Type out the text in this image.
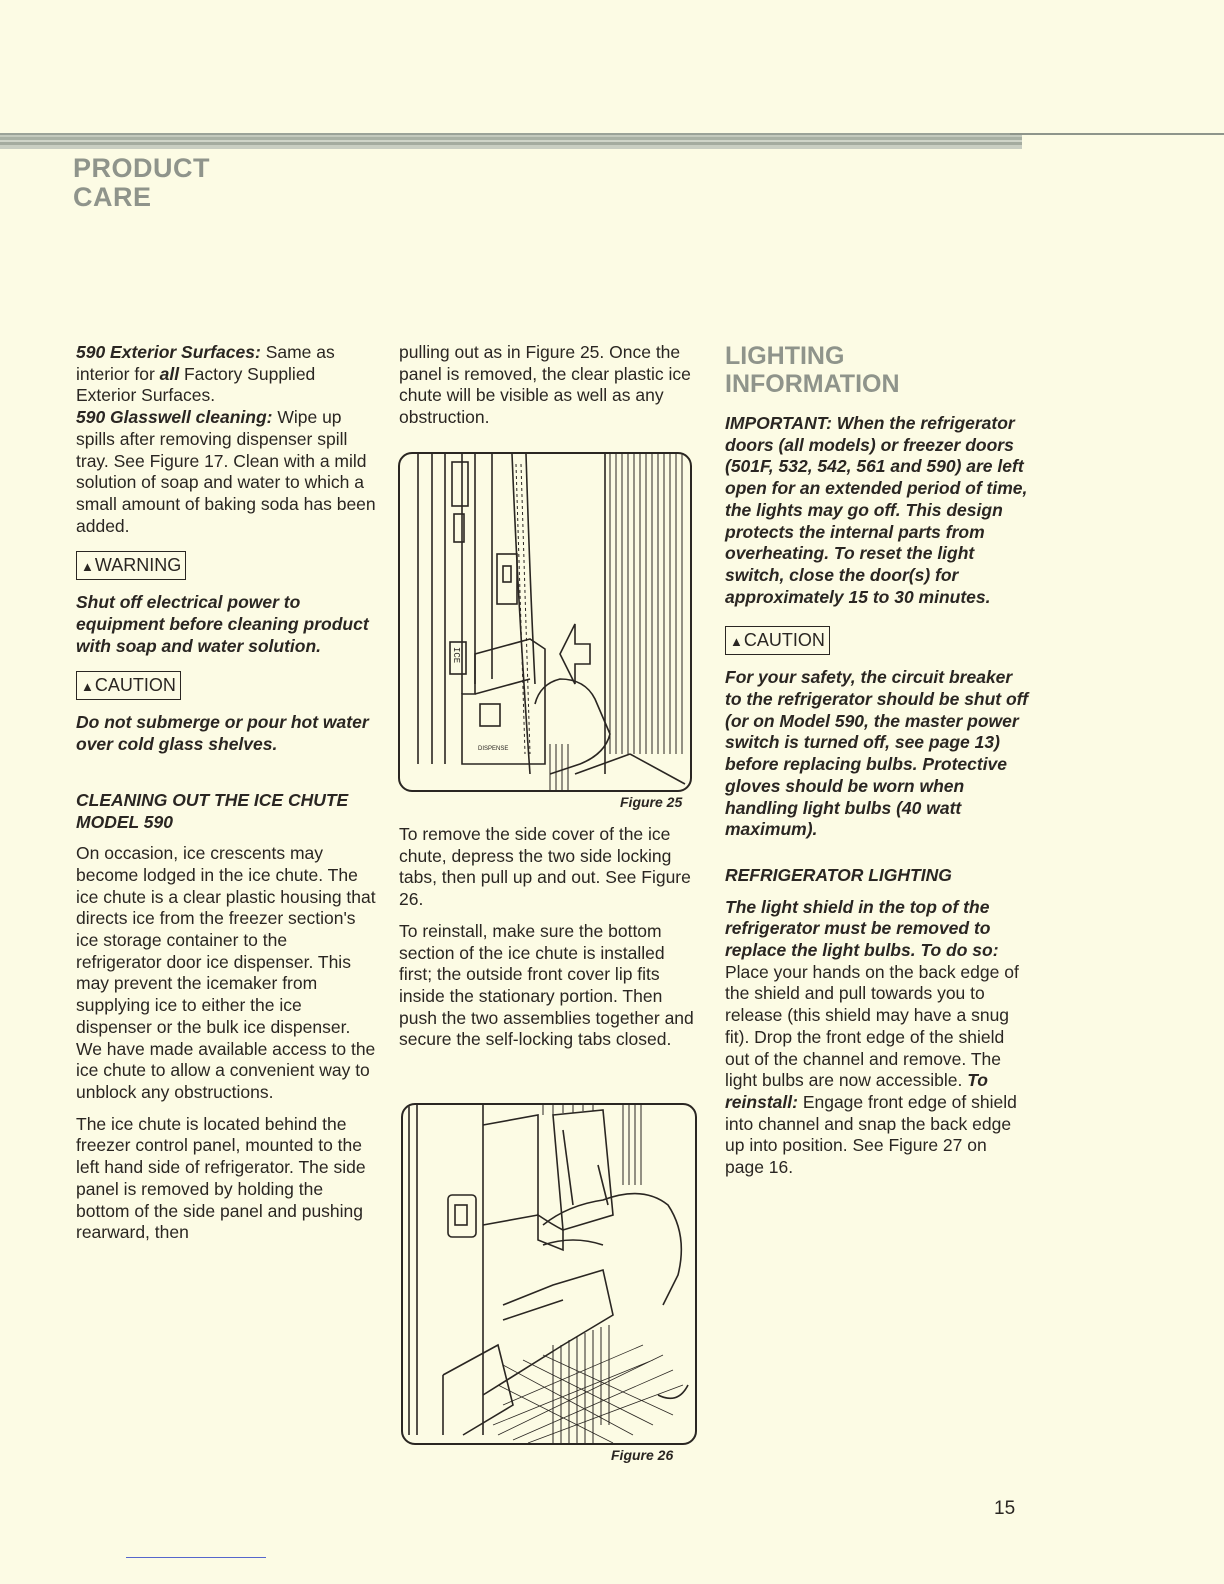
PRODUCT
CARE

590 Exterior Surfaces: Same as interior for all Factory Supplied Exterior Surfaces.

590 Glasswell cleaning: Wipe up spills after removing dispenser spill tray. See Figure 17. Clean with a mild solution of soap and water to which a small amount of baking soda has been added.

▲WARNING

Shut off electrical power to equipment before cleaning product with soap and water solution.

▲CAUTION

Do not submerge or pour hot water over cold glass shelves.

CLEANING OUT THE ICE CHUTE MODEL 590

On occasion, ice crescents may become lodged in the ice chute. The ice chute is a clear plastic housing that directs ice from the freezer section's ice storage container to the refrigerator door ice dispenser. This may prevent the icemaker from supplying ice to either the ice dispenser or the bulk ice dispenser. We have made available access to the ice chute to allow a convenient way to unblock any obstructions.

The ice chute is located behind the freezer control panel, mounted to the left hand side of refrigerator. The side panel is removed by holding the bottom of the side panel and pushing rearward, then

pulling out as in Figure 25. Once the panel is removed, the clear plastic ice chute will be visible as well as any obstruction.

ICE
DISPENSE
Figure 25

To remove the side cover of the ice chute, depress the two side locking tabs, then pull up and out. See Figure 26.

To reinstall, make sure the bottom section of the ice chute is installed first; the outside front cover lip fits inside the stationary portion. Then push the two assemblies together and secure the self-locking tabs closed.

Figure 26
LIGHTING
INFORMATION

IMPORTANT: When the refrigerator doors (all models) or freezer doors (501F, 532, 542, 561 and 590) are left open for an extended period of time, the lights may go off. This design protects the internal parts from overheating. To reset the light switch, close the door(s) for approximately 15 to 30 minutes.

▲CAUTION

For your safety, the circuit breaker to the refrigerator should be shut off (or on Model 590, the master power switch is turned off, see page 13) before replacing bulbs. Protective gloves should be worn when handling light bulbs (40 watt maximum).

REFRIGERATOR LIGHTING

The light shield in the top of the refrigerator must be removed to replace the light bulbs. To do so: Place your hands on the back edge of the shield and pull towards you to release (this shield may have a snug fit). Drop the front edge of the shield out of the channel and remove. The light bulbs are now accessible. To reinstall: Engage front edge of shield into channel and snap the back edge up into position. See Figure 27 on page 16.

15
